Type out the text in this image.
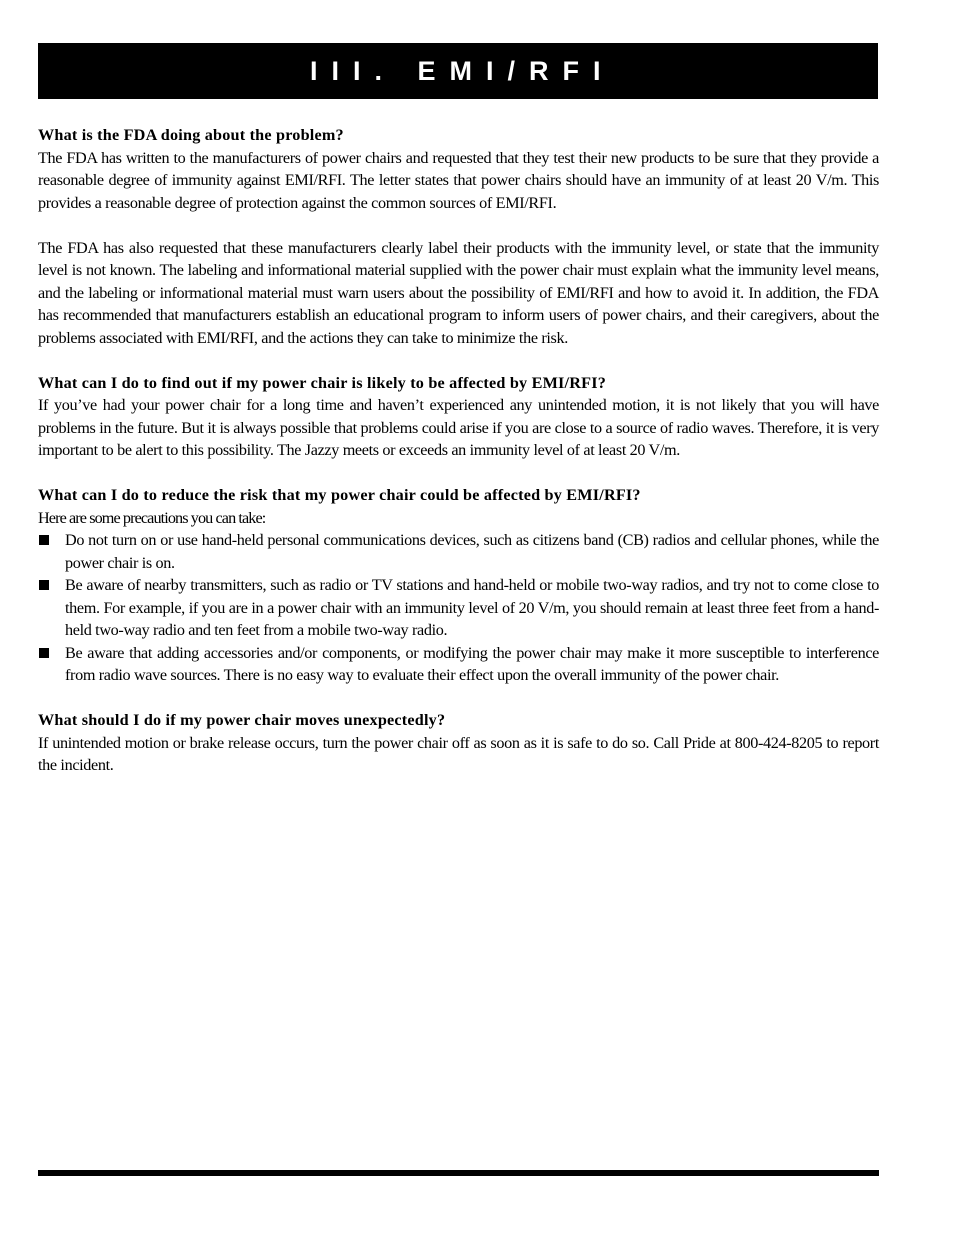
III. EMI/RFI

What is the FDA doing about the problem?

The FDA has written to the manufacturers of power chairs and requested that they test their new products to be sure that they provide a reasonable degree of immunity against EMI/RFI. The letter states that power chairs should have an immunity of at least 20 V/m. This provides a reasonable degree of protection against the common sources of EMI/RFI.

The FDA has also requested that these manufacturers clearly label their products with the immunity level, or state that the immunity level is not known. The labeling and informational material supplied with the power chair must explain what the immunity level means, and the labeling or informational material must warn users about the possibility of EMI/RFI and how to avoid it. In addition, the FDA has recommended that manufacturers establish an educational program to inform users of power chairs, and their caregivers, about the problems associated with EMI/RFI, and the actions they can take to minimize the risk.

What can I do to find out if my power chair is likely to be affected by EMI/RFI?

If you’ve had your power chair for a long time and haven’t experienced any unintended motion, it is not likely that you will have problems in the future. But it is always possible that problems could arise if you are close to a source of radio waves. Therefore, it is very important to be alert to this possibility. The Jazzy meets or exceeds an immunity level of at least 20 V/m.

What can I do to reduce the risk that my power chair could be affected by EMI/RFI?

Here are some precautions you can take:

Do not turn on or use hand-held personal communications devices, such as citizens band (CB) radios and cellular phones, while the power chair is on.
Be aware of nearby transmitters, such as radio or TV stations and hand-held or mobile two-way radios, and try not to come close to them. For example, if you are in a power chair with an immunity level of 20 V/m, you should remain at least three feet from a hand-held two-way radio and ten feet from a mobile two-way radio.
Be aware that adding accessories and/or components, or modifying the power chair may make it more susceptible to interference from radio wave sources. There is no easy way to evaluate their effect upon the overall immunity of the power chair.

What should I do if my power chair moves unexpectedly?

If unintended motion or brake release occurs, turn the power chair off as soon as it is safe to do so. Call Pride at 800-424-8205 to report the incident.
